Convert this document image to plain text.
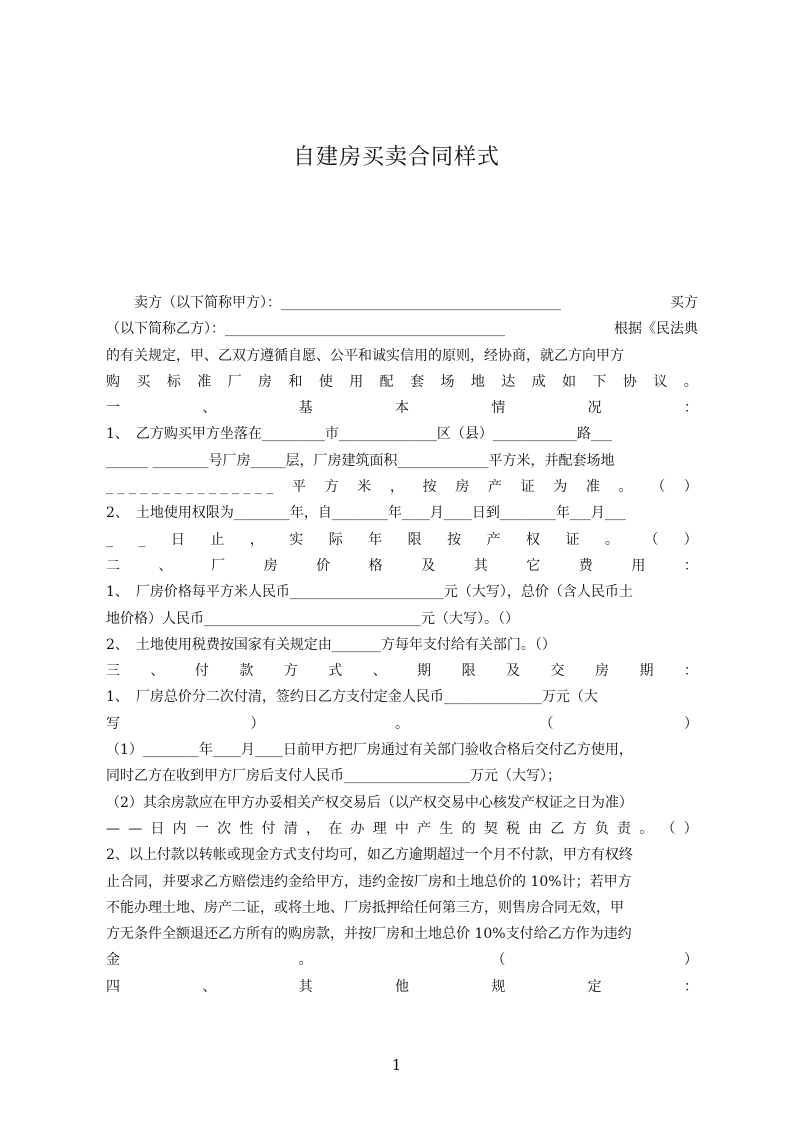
自建房买卖合同样式
　　卖方（以下简称甲方）：________________________________________	买方
（以下简称乙方）：________________________________________	根据《民法典
的有关规定，甲、乙双方遵循自愿、公平和诚实信用的原则，经协商，就乙方向甲方
购 买 标 准 厂 房 和 使 用 配 套 场 地 达 成 如 下 协 议 。
一	、	基	本	情	况	：
1、　乙方购买甲方坐落在_________市______________区（县）____________路___
______ ________号厂房_____层，厂房建筑面积_____________平方米，并配套场地
_ _ _ _ _ _ _ _ _ _ _ _ _ _ _ 平 方 米 ， 按 房 产 证 为 准 。 （ ）
2、　土地使用权限为________年，自________年____月____日到________年___月___
_ _ 日 止 ， 实 际 年 限 按 产 权 证 。 （ ）
二	、	厂	房	价	格	及	其	它	费	用	：
1、　厂房价格每平方米人民币______________________元（大写），总价（含人民币土
地价格）人民币_______________________________元（大写）。（）
2、　土地使用税费按国家有关规定由_______方每年支付给有关部门。（）
三 、 付 款 方 式 、 期 限 及 交 房 期 ：
1、　厂房总价分二次付清，签约日乙方支付定金人民币______________万元（大
写	）	。	（	）
（1）________年____月____日前甲方把厂房通过有关部门验收合格后交付乙方使用，
同时乙方在收到甲方厂房后支付人民币__________________万元（大写）；
（2）其余房款应在甲方办妥相关产权交易后（以产权交易中心核发产权证之日为准）
— — 日 内 一 次 性 付 清 ， 在 办 理 中 产 生 的 契 税 由 乙 方 负 责 。 （ ）
2、以上付款以转帐或现金方式支付均可，如乙方逾期超过一个月不付款，甲方有权终
止合同，并要求乙方赔偿违约金给甲方，违约金按厂房和土地总价的 10%计；若甲方
不能办理土地、房产二证，或将土地、厂房抵押给任何第三方，则售房合同无效，甲
方无条件全额退还乙方所有的购房款，并按厂房和土地总价 10%支付给乙方作为违约
金	。	（	）
四	、	其	他	规	定	：
1
